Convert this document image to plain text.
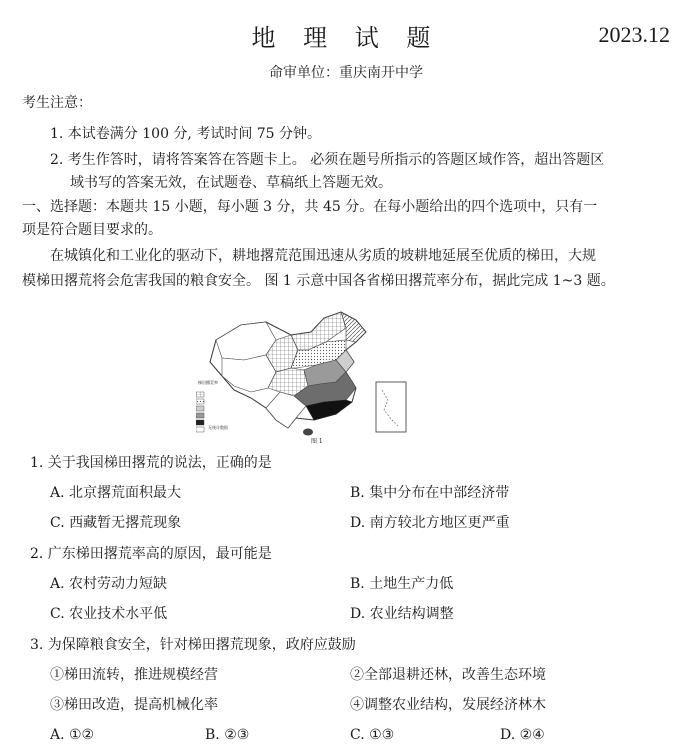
地 理 试 题	2023.12
命审单位：重庆南开中学
考生注意：
1. 本试卷满分 100 分, 考试时间 75 分钟。
2. 考生作答时，请将答案答在答题卡上。 必须在题号所指示的答题区域作答，超出答题区
域书写的答案无效，在试题卷、草稿纸上答题无效。
一、选择题：本题共 15 小题，每小题 3 分，共 45 分。在每小题给出的四个选项中，只有一
项是符合题目要求的。
在城镇化和工业化的驱动下，耕地撂荒范围迅速从劣质的坡耕地延展至优质的梯田，大规
模梯田撂荒将会危害我国的粮食安全。 图 1 示意中国各省梯田撂荒率分布，据此完成 1~3 题。
梯田撂荒率
无统计数据
图 1
1. 关于我国梯田撂荒的说法，正确的是
A. 北京撂荒面积最大	B. 集中分布在中部经济带
C. 西藏暂无撂荒现象	D. 南方较北方地区更严重
2. 广东梯田撂荒率高的原因，最可能是
A. 农村劳动力短缺	B. 土地生产力低
C. 农业技术水平低	D. 农业结构调整
3. 为保障粮食安全，针对梯田撂荒现象，政府应鼓励
①梯田流转，推进规模经营	②全部退耕还林，改善生态环境
③梯田改造，提高机械化率	④调整农业结构，发展经济林木
A. ①②	B. ②③	C. ①③	D. ②④
